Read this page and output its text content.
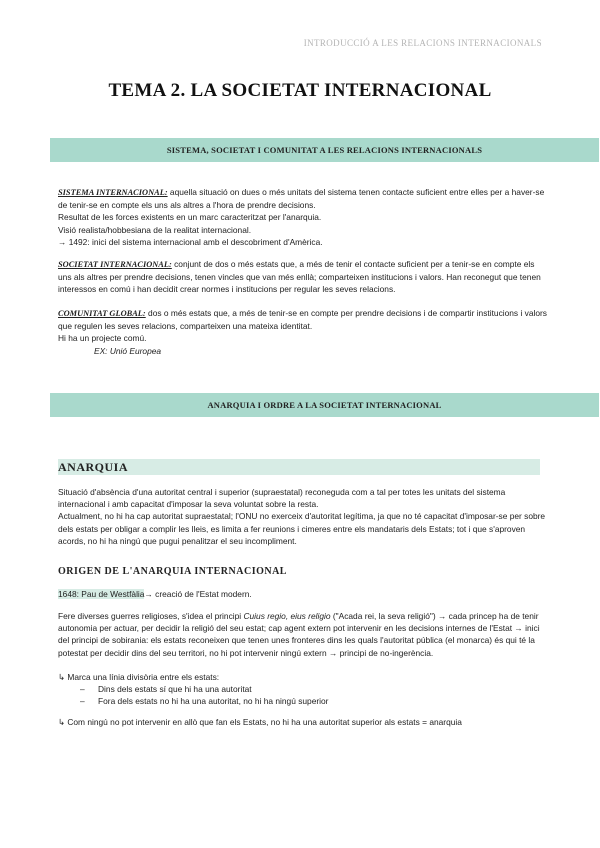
INTRODUCCIÓ A LES RELACIONS INTERNACIONALS
TEMA 2. LA SOCIETAT INTERNACIONAL
SISTEMA, SOCIETAT I COMUNITAT A LES RELACIONS INTERNACIONALS

SISTEMA INTERNACIONAL: aquella situació on dues o més unitats del sistema tenen contacte suficient entre elles per a haver-se de tenir-se en compte els uns als altres a l'hora de prendre decisions.

Resultat de les forces existents en un marc caracteritzat per l'anarquia.

Visió realista/hobbesiana de la realitat internacional.

→ 1492: inici del sistema internacional amb el descobriment d'Amèrica.

SOCIETAT INTERNACIONAL: conjunt de dos o més estats que, a més de tenir el contacte suficient per a tenir-se en compte els uns als altres per prendre decisions, tenen vincles que van més enllà; comparteixen institucions i valors. Han reconegut que tenen interessos en comú i han decidit crear normes i institucions per regular les seves relacions.

COMUNITAT GLOBAL: dos o més estats que, a més de tenir-se en compte per prendre decisions i de compartir institucions i valors que regulen les seves relacions, comparteixen una mateixa identitat.

Hi ha un projecte comú.

EX: Unió Europea

ANARQUIA I ORDRE A LA SOCIETAT INTERNACIONAL
ANARQUIA

Situació d'absència d'una autoritat central i superior (supraestatal) reconeguda com a tal per totes les unitats del sistema internacional i amb capacitat d'imposar la seva voluntat sobre la resta.

Actualment, no hi ha cap autoritat supraestatal; l'ONU no exerceix d'autoritat legítima, ja que no té capacitat d'imposar-se per sobre dels estats per obligar a complir les lleis, es limita a fer reunions i cimeres entre els mandataris dels Estats; tot i que s'aproven acords, no hi ha ningú que pugui penalitzar el seu incompliment.

ORIGEN DE L'ANARQUIA INTERNACIONAL

1648: Pau de Westfàlia→ creació de l'Estat modern.

Fere diverses guerres religioses, s'idea el principi Cuius regio, eius religio ("Acada rei, la seva religió") → cada princep ha de tenir autonomia per actuar, per decidir la religió del seu estat; cap agent extern pot intervenir en les decisions internes de l'Estat → inici del principi de sobirania: els estats reconeixen que tenen unes fronteres dins les quals l'autoritat pública (el monarca) és qui té la potestat per decidir dins del seu territori, no hi pot intervenir ningú extern → principi de no-ingerència.

↳ Marca una línia divisòria entre els estats:

– Dins dels estats sí que hi ha una autoritat

– Fora dels estats no hi ha una autoritat, no hi ha ningú superior

↳ Com ningú no pot intervenir en allò que fan els Estats, no hi ha una autoritat superior als estats = anarquia
